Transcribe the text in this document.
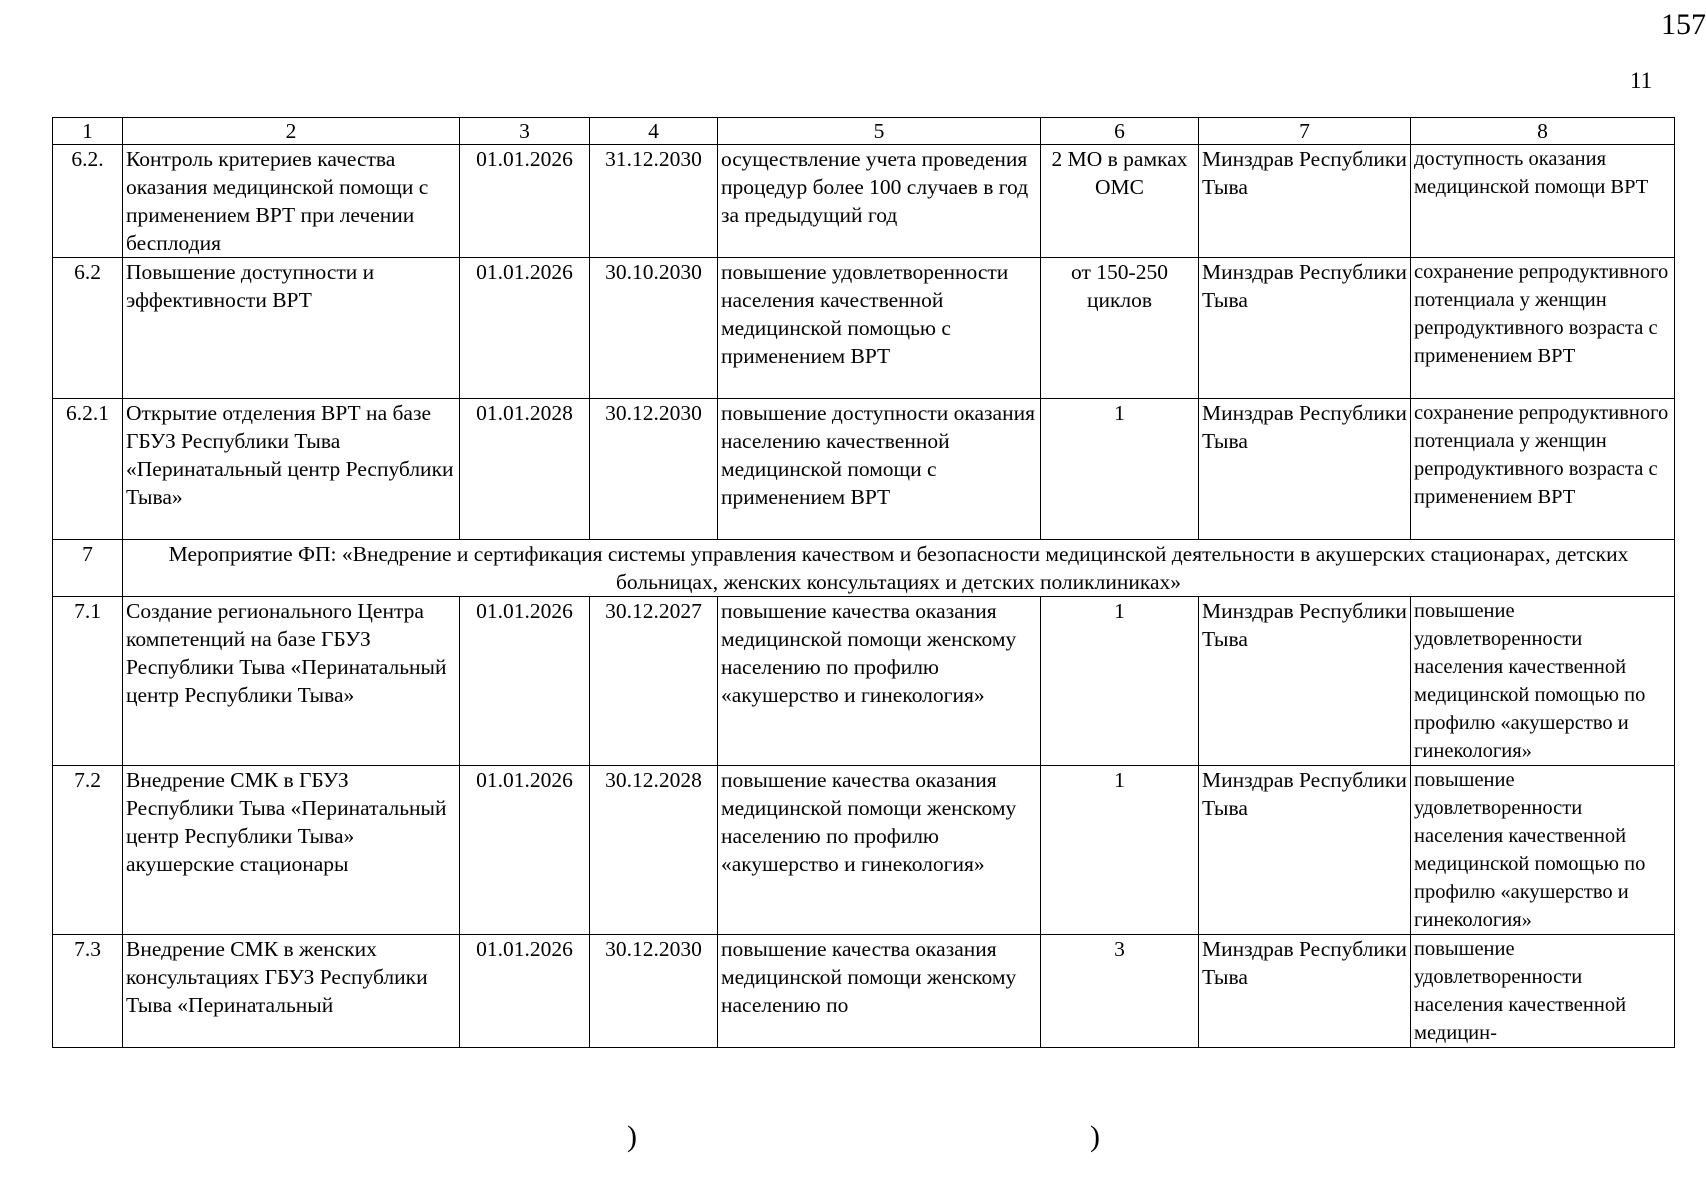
157
11
1	2	3	4	5	6	7	8
6.2.	Контроль критериев качества оказания медицинской помощи с применением ВРТ при лечении бесплодия	01.01.2026	31.12.2030	осуществление учета проведения процедур более 100 случаев в год за предыдущий год	2 МО в рамках ОМС	Минздрав Республики Тыва	доступность оказания медицинской помощи ВРТ
6.2	Повышение доступности и эффективности ВРТ	01.01.2026	30.10.2030	повышение удовлетворенности населения качественной медицинской помощью с применением ВРТ	от 150-250 циклов	Минздрав Республики Тыва	сохранение репродуктивного потенциала у женщин репродуктивного возраста с применением ВРТ
6.2.1	Открытие отделения ВРТ на базе ГБУЗ Республики Тыва «Перинатальный центр Республики Тыва»	01.01.2028	30.12.2030	повышение доступности оказания населению качественной медицинской помощи с применением ВРТ	1	Минздрав Республики Тыва	сохранение репродуктивного потенциала у женщин репродуктивного возраста с применением ВРТ
7	Мероприятие ФП: «Внедрение и сертификация системы управления качеством и безопасности медицинской деятельности в акушерских стационарах, детских больницах, женских консультациях и детских поликлиниках»						
7.1	Создание регионального Центра компетенций на базе ГБУЗ Республики Тыва «Перинатальный центр Республики Тыва»	01.01.2026	30.12.2027	повышение качества оказания медицинской помощи женскому населению по профилю «акушерство и гинекология»	1	Минздрав Республики Тыва	повышение удовлетворенности населения качественной медицинской помощью по профилю «акушерство и гинекология»
7.2	Внедрение СМК в ГБУЗ Республики Тыва «Перинатальный центр Республики Тыва» акушерские стационары	01.01.2026	30.12.2028	повышение качества оказания медицинской помощи женскому населению по профилю «акушерство и гинекология»	1	Минздрав Республики Тыва	повышение удовлетворенности населения качественной медицинской помощью по профилю «акушерство и гинекология»
7.3	Внедрение СМК в женских консультациях ГБУЗ Республики Тыва «Перинатальный	01.01.2026	30.12.2030	повышение качества оказания медицинской помощи женскому населению по	3	Минздрав Республики Тыва	повышение удовлетворенности населения качественной медицин-
)	)
